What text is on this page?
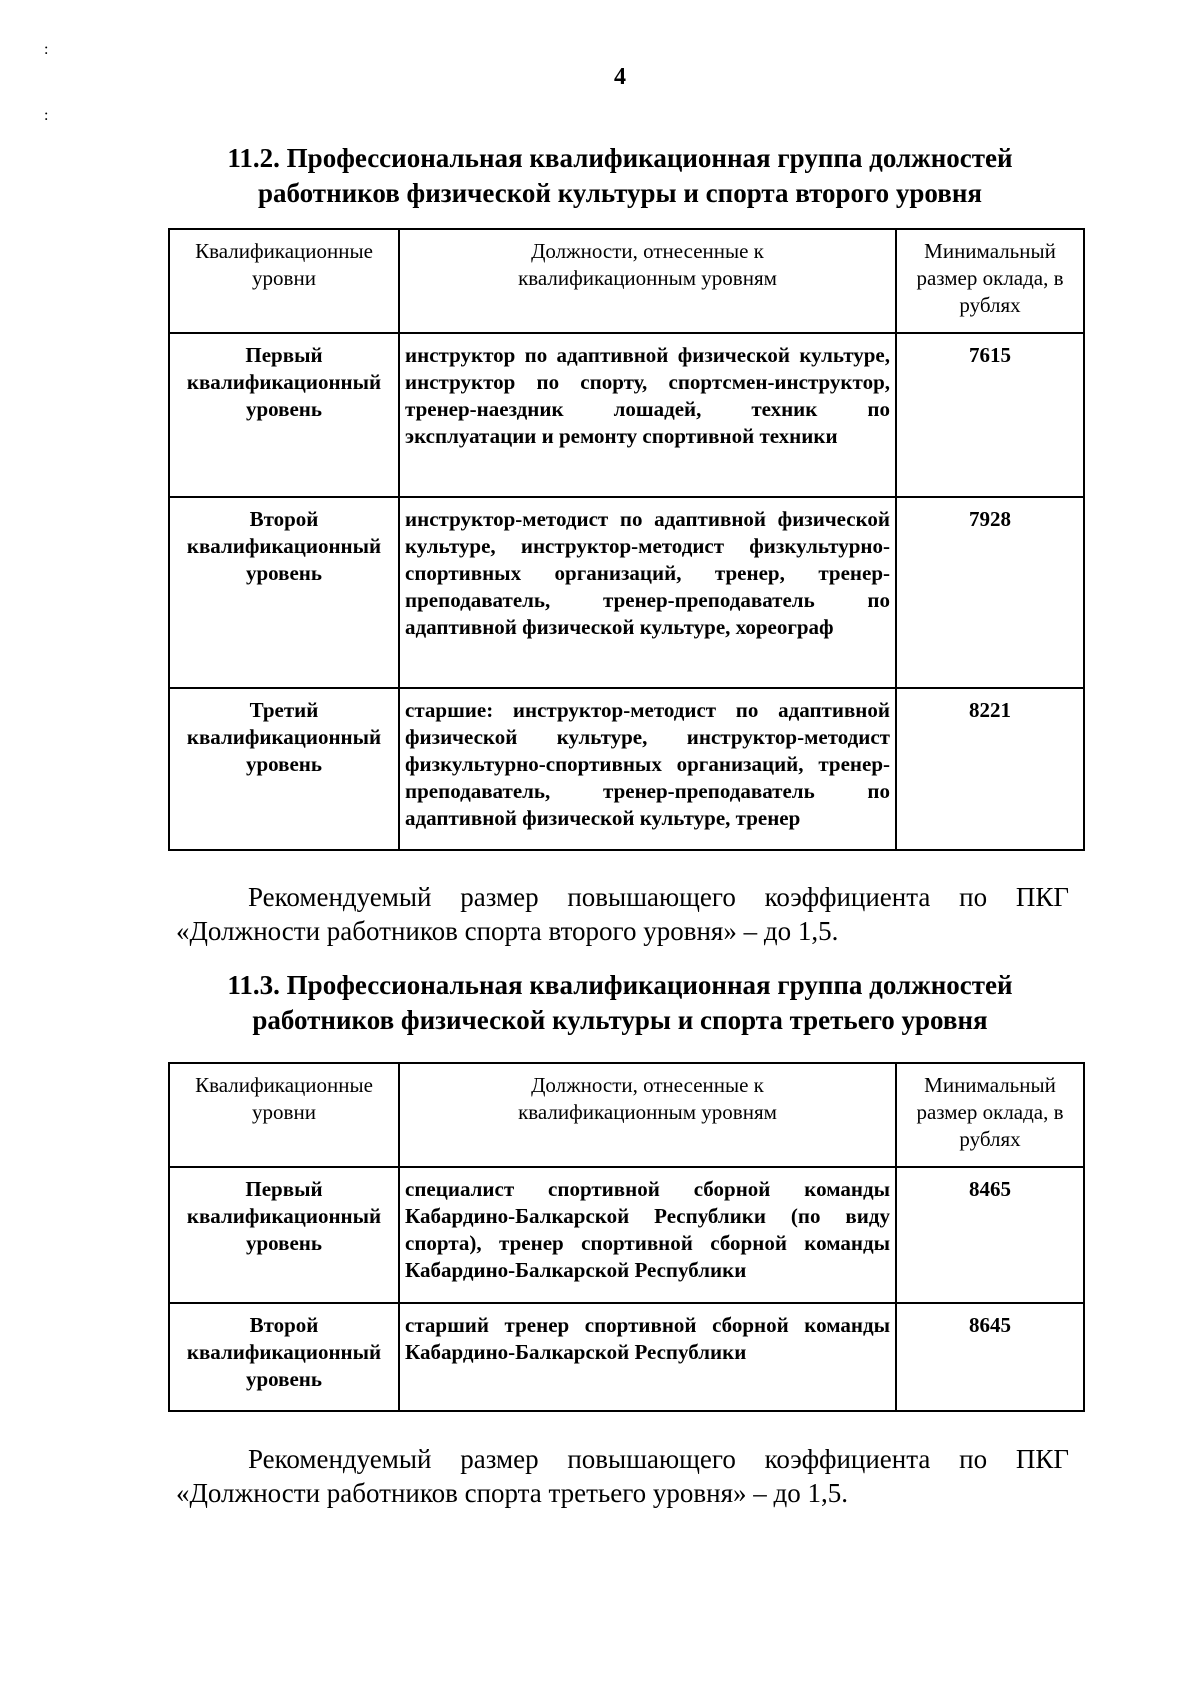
:
:
4
11.2. Профессиональная квалификационная группа должностей
работников физической культуры и спорта второго уровня
Квалификационные уровни	Должности, отнесенные к квалификационным уровням	Минимальный размер оклада, в рублях
Первый квалификационный уровень	инструктор по адаптивной физической культуре, инструктор по спорту, спортсмен-инструктор, тренер-наездник лошадей, техник по эксплуатации и ремонту спортивной техники	7615
Второй квалификационный уровень	инструктор-методист по адаптивной физической культуре, инструктор-методист физкультурно-спортивных организаций, тренер, тренер-преподаватель, тренер-преподаватель по адаптивной физической культуре, хореограф	7928
Третий квалификационный уровень	старшие: инструктор-методист по адаптивной физической культуре, инструктор-методист физкультурно-спортивных организаций, тренер-преподаватель, тренер-преподаватель по адаптивной физической культуре, тренер	8221
Рекомендуемый размер повышающего коэффициента по ПКГ «Должности работников спорта второго уровня» – до 1,5.
11.3. Профессиональная квалификационная группа должностей
работников физической культуры и спорта третьего уровня
Квалификационные уровни	Должности, отнесенные к квалификационным уровням	Минимальный размер оклада, в рублях
Первый квалификационный уровень	специалист спортивной сборной команды Кабардино-Балкарской Республики (по виду спорта), тренер спортивной сборной команды Кабардино-Балкарской Республики	8465
Второй квалификационный уровень	старший тренер спортивной сборной команды Кабардино-Балкарской Республики	8645
Рекомендуемый размер повышающего коэффициента по ПКГ «Должности работников спорта третьего уровня» – до 1,5.
